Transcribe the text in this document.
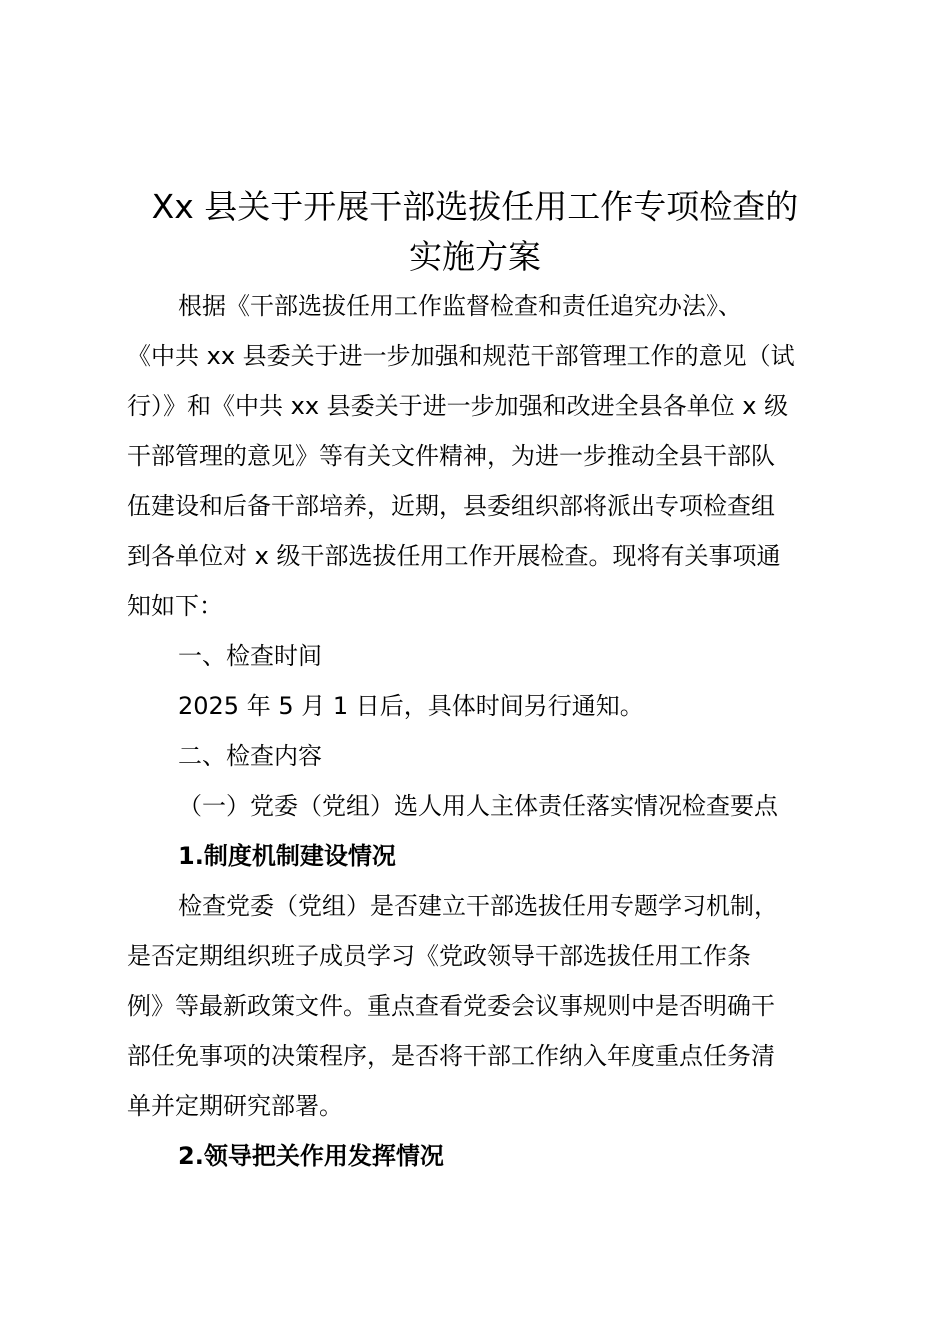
Xx 县关于开展干部选拔任用工作专项检查的
实施方案
根据《干部选拔任用工作监督检查和责任追究办法》、
《中共 xx 县委关于进一步加强和规范干部管理工作的意见（试
行）》和《中共 xx 县委关于进一步加强和改进全县各单位 x 级
干部管理的意见》等有关文件精神，为进一步推动全县干部队
伍建设和后备干部培养，近期，县委组织部将派出专项检查组
到各单位对 x 级干部选拔任用工作开展检查。现将有关事项通
知如下：
一、检查时间
2025 年 5 月 1 日后，具体时间另行通知。
二、检查内容
（一）党委（党组）选人用人主体责任落实情况检查要点
1.制度机制建设情况
检查党委（党组）是否建立干部选拔任用专题学习机制，
是否定期组织班子成员学习《党政领导干部选拔任用工作条
例》等最新政策文件。重点查看党委会议事规则中是否明确干
部任免事项的决策程序，是否将干部工作纳入年度重点任务清
单并定期研究部署。
2.领导把关作用发挥情况
